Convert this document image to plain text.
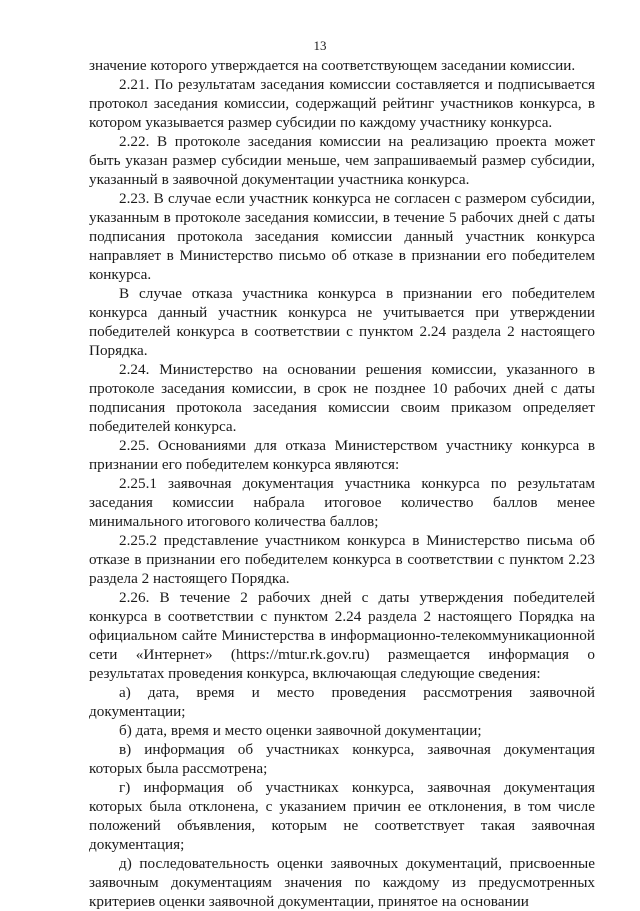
13

значение которого утверждается на соответствующем заседании комиссии.

2.21. По результатам заседания комиссии составляется и подписывается протокол заседания комиссии, содержащий рейтинг участников конкурса, в котором указывается размер субсидии по каждому участнику конкурса.

2.22. В протоколе заседания комиссии на реализацию проекта может быть указан размер субсидии меньше, чем запрашиваемый размер субсидии, указанный в заявочной документации участника конкурса.

2.23. В случае если участник конкурса не согласен с размером субсидии, указанным в протоколе заседания комиссии, в течение 5 рабочих дней с даты подписания протокола заседания комиссии данный участник конкурса направляет в Министерство письмо об отказе в признании его победителем конкурса.

В случае отказа участника конкурса в признании его победителем конкурса данный участник конкурса не учитывается при утверждении победителей конкурса в соответствии с пунктом 2.24 раздела 2 настоящего Порядка.

2.24. Министерство на основании решения комиссии, указанного в протоколе заседания комиссии, в срок не позднее 10 рабочих дней с даты подписания протокола заседания комиссии своим приказом определяет победителей конкурса.

2.25. Основаниями для отказа Министерством участнику конкурса в признании его победителем конкурса являются:

2.25.1 заявочная документация участника конкурса по результатам заседания комиссии набрала итоговое количество баллов менее минимального итогового количества баллов;

2.25.2 представление участником конкурса в Министерство письма об отказе в признании его победителем конкурса в соответствии с пунктом 2.23 раздела 2 настоящего Порядка.

2.26. В течение 2 рабочих дней с даты утверждения победителей конкурса в соответствии с пунктом 2.24 раздела 2 настоящего Порядка на официальном сайте Министерства в информационно-телекоммуникационной сети «Интернет» (https://mtur.rk.gov.ru) размещается информация о результатах проведения конкурса, включающая следующие сведения:

а) дата, время и место проведения рассмотрения заявочной документации;

б) дата, время и место оценки заявочной документации;

в) информация об участниках конкурса, заявочная документация которых была рассмотрена;

г) информация об участниках конкурса, заявочная документация которых была отклонена, с указанием причин ее отклонения, в том числе положений объявления, которым не соответствует такая заявочная документация;

д) последовательность оценки заявочных документаций, присвоенные заявочным документациям значения по каждому из предусмотренных критериев оценки заявочной документации, принятое на основании
